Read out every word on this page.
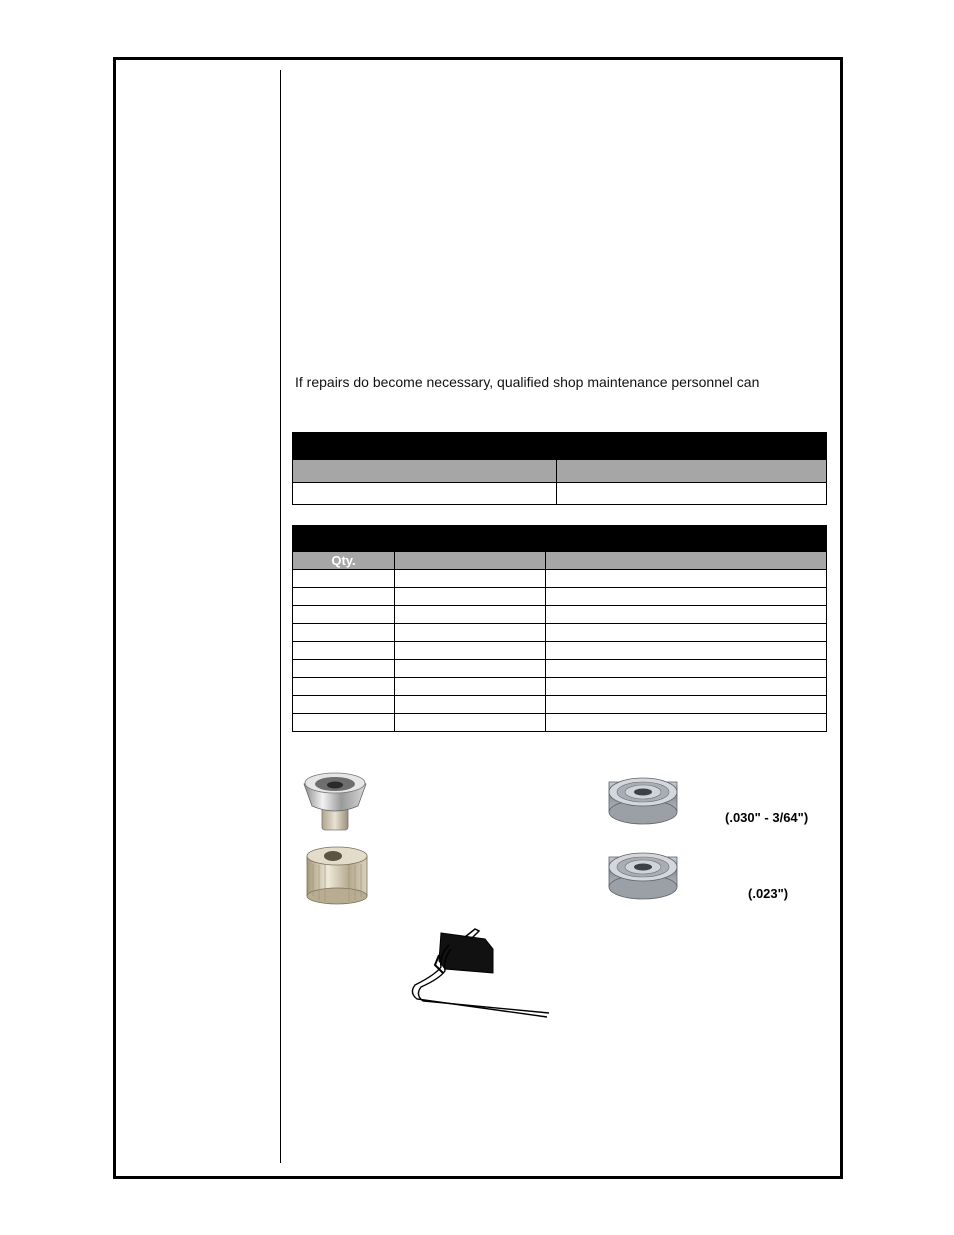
If repairs do become necessary, qualified shop maintenance personnel can

Qty.		

(.030" - 3/64")
(.023")
